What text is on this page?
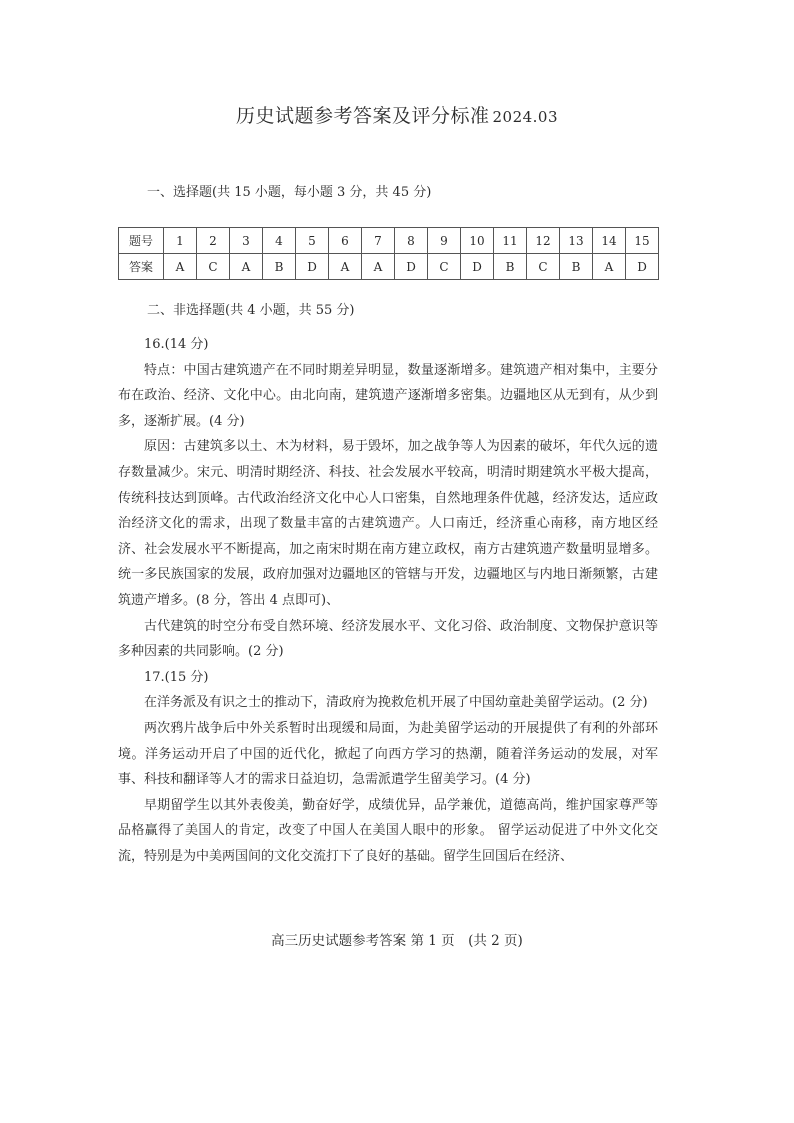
历史试题参考答案及评分标准 2024.03
一、选择题(共 15 小题，每小题 3 分，共 45 分)
题号	1	2	3	4	5	6	7	8	9	10	11	12	13	14	15
答案	A	C	A	B	D	A	A	D	C	D	B	C	B	A	D
二、非选择题(共 4 小题，共 55 分)

16.(14 分)

特点：中国古建筑遗产在不同时期差异明显，数量逐渐增多。建筑遗产相对集中，主要分布在政治、经济、文化中心。由北向南，建筑遗产逐渐增多密集。边疆地区从无到有，从少到多，逐渐扩展。(4 分)

原因：古建筑多以土、木为材料，易于毁坏，加之战争等人为因素的破坏，年代久远的遗存数量减少。宋元、明清时期经济、科技、社会发展水平较高，明清时期建筑水平极大提高，传统科技达到顶峰。古代政治经济文化中心人口密集，自然地理条件优越，经济发达，适应政治经济文化的需求，出现了数量丰富的古建筑遗产。人口南迁，经济重心南移，南方地区经济、社会发展水平不断提高，加之南宋时期在南方建立政权，南方古建筑遗产数量明显增多。统一多民族国家的发展，政府加强对边疆地区的管辖与开发，边疆地区与内地日渐频繁，古建筑遗产增多。(8 分，答出 4 点即可)、

古代建筑的时空分布受自然环境、经济发展水平、文化习俗、政治制度、文物保护意识等多种因素的共同影响。(2 分)

17.(15 分)

在洋务派及有识之士的推动下，清政府为挽救危机开展了中国幼童赴美留学运动。(2 分)

两次鸦片战争后中外关系暂时出现缓和局面，为赴美留学运动的开展提供了有利的外部环境。洋务运动开启了中国的近代化，掀起了向西方学习的热潮，随着洋务运动的发展，对军事、科技和翻译等人才的需求日益迫切，急需派遣学生留美学习。(4 分)

早期留学生以其外表俊美，勤奋好学，成绩优异，品学兼优，道德高尚，维护国家尊严等品格赢得了美国人的肯定，改变了中国人在美国人眼中的形象。 留学运动促进了中外文化交流，特别是为中美两国间的文化交流打下了良好的基础。留学生回国后在经济、

高三历史试题参考答案 第 1 页　(共 2 页)
